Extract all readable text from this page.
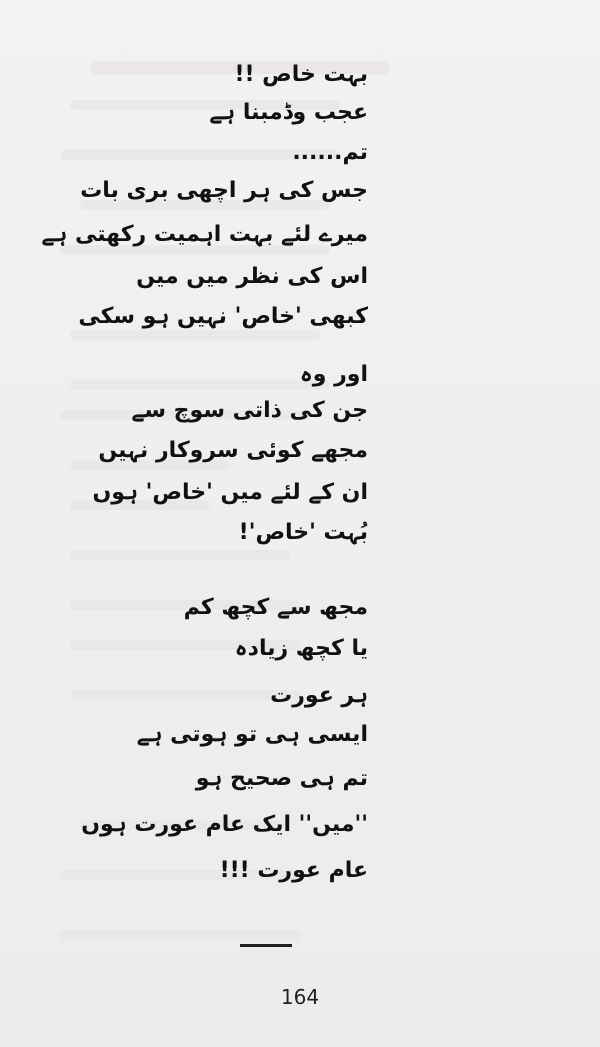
بہت خاص !!
عجب وڈمبنا ہے
تم......
جس کی ہر اچھی بری بات
میرے لئے بہت اہمیت رکھتی ہے
اس کی نظر میں میں
کبھی 'خاص' نہیں ہو سکی
اور وہ
جن کی ذاتی سوچ سے
مجھے کوئی سروکار نہیں
ان کے لئے میں 'خاص' ہوں
بُہت 'خاص'!
مجھ سے کچھ کم
یا کچھ زیادہ
ہر عورت
ایسی ہی تو ہوتی ہے
تم ہی صحیح ہو
''میں'' ایک عام عورت ہوں
عام عورت !!!
164
